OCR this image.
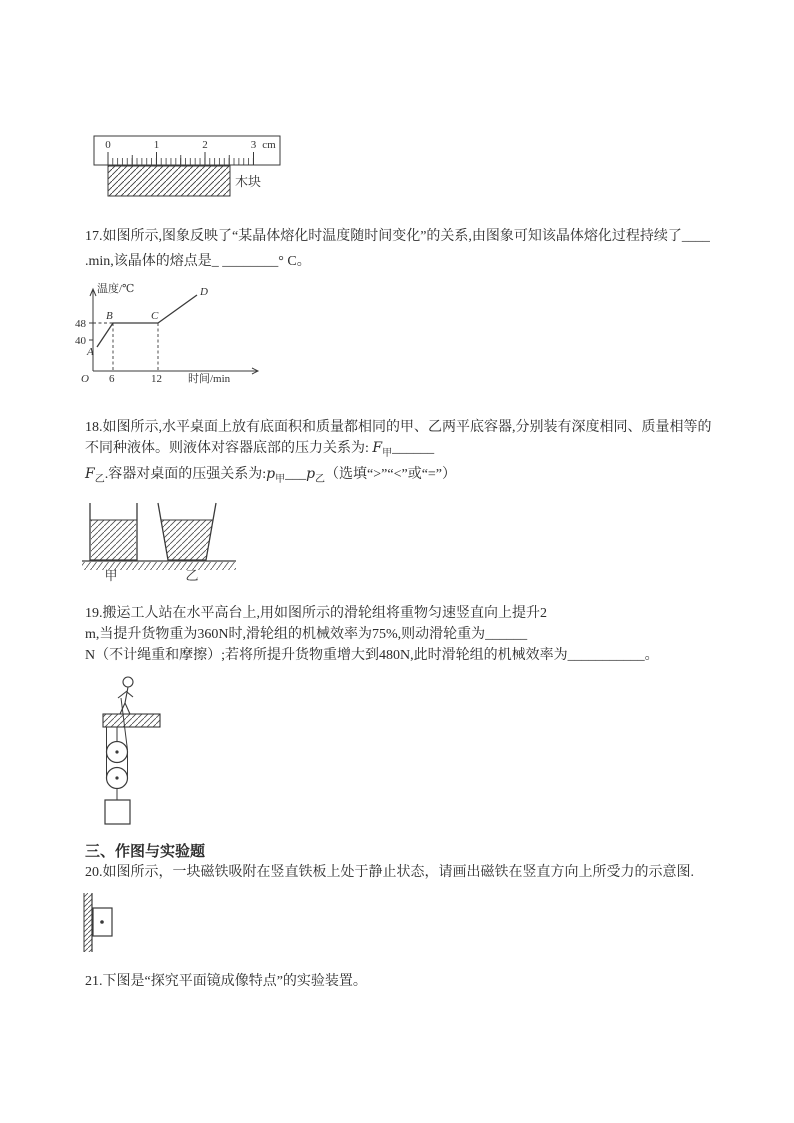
0	1	2	3 cm
木块
17.如图所示,图象反映了“某晶体熔化时温度随时间变化”的关系,由图象可知该晶体熔化过程持续了____
.min,该晶体的熔点是_ ________° C。
温度/℃
48
40
A
B	C
D
O 6	12 时间/min
18.如图所示,水平桌面上放有底面积和质量都相同的甲、乙两平底容器,分别装有深度相同、质量相等的
不同种液体。则液体对容器底部的压力关系为: $F_甲\_\_\_\_\_\_$
$F_乙$.容器对桌面的压强关系为$:p_甲\_\_\_p_乙$（选填“>”“<”或“=”）
甲	乙
19.搬运工人站在水平高台上,用如图所示的滑轮组将重物匀速竖直向上提升2
m,当提升货物重为360N时,滑轮组的机械效率为75%,则动滑轮重为______
N（不计绳重和摩擦）;若将所提升货物重增大到480N,此时滑轮组的机械效率为___________。
三、作图与实验题
20.如图所示，一块磁铁吸附在竖直铁板上处于静止状态，请画出磁铁在竖直方向上所受力的示意图.
21.下图是“探究平面镜成像特点”的实验装置。
